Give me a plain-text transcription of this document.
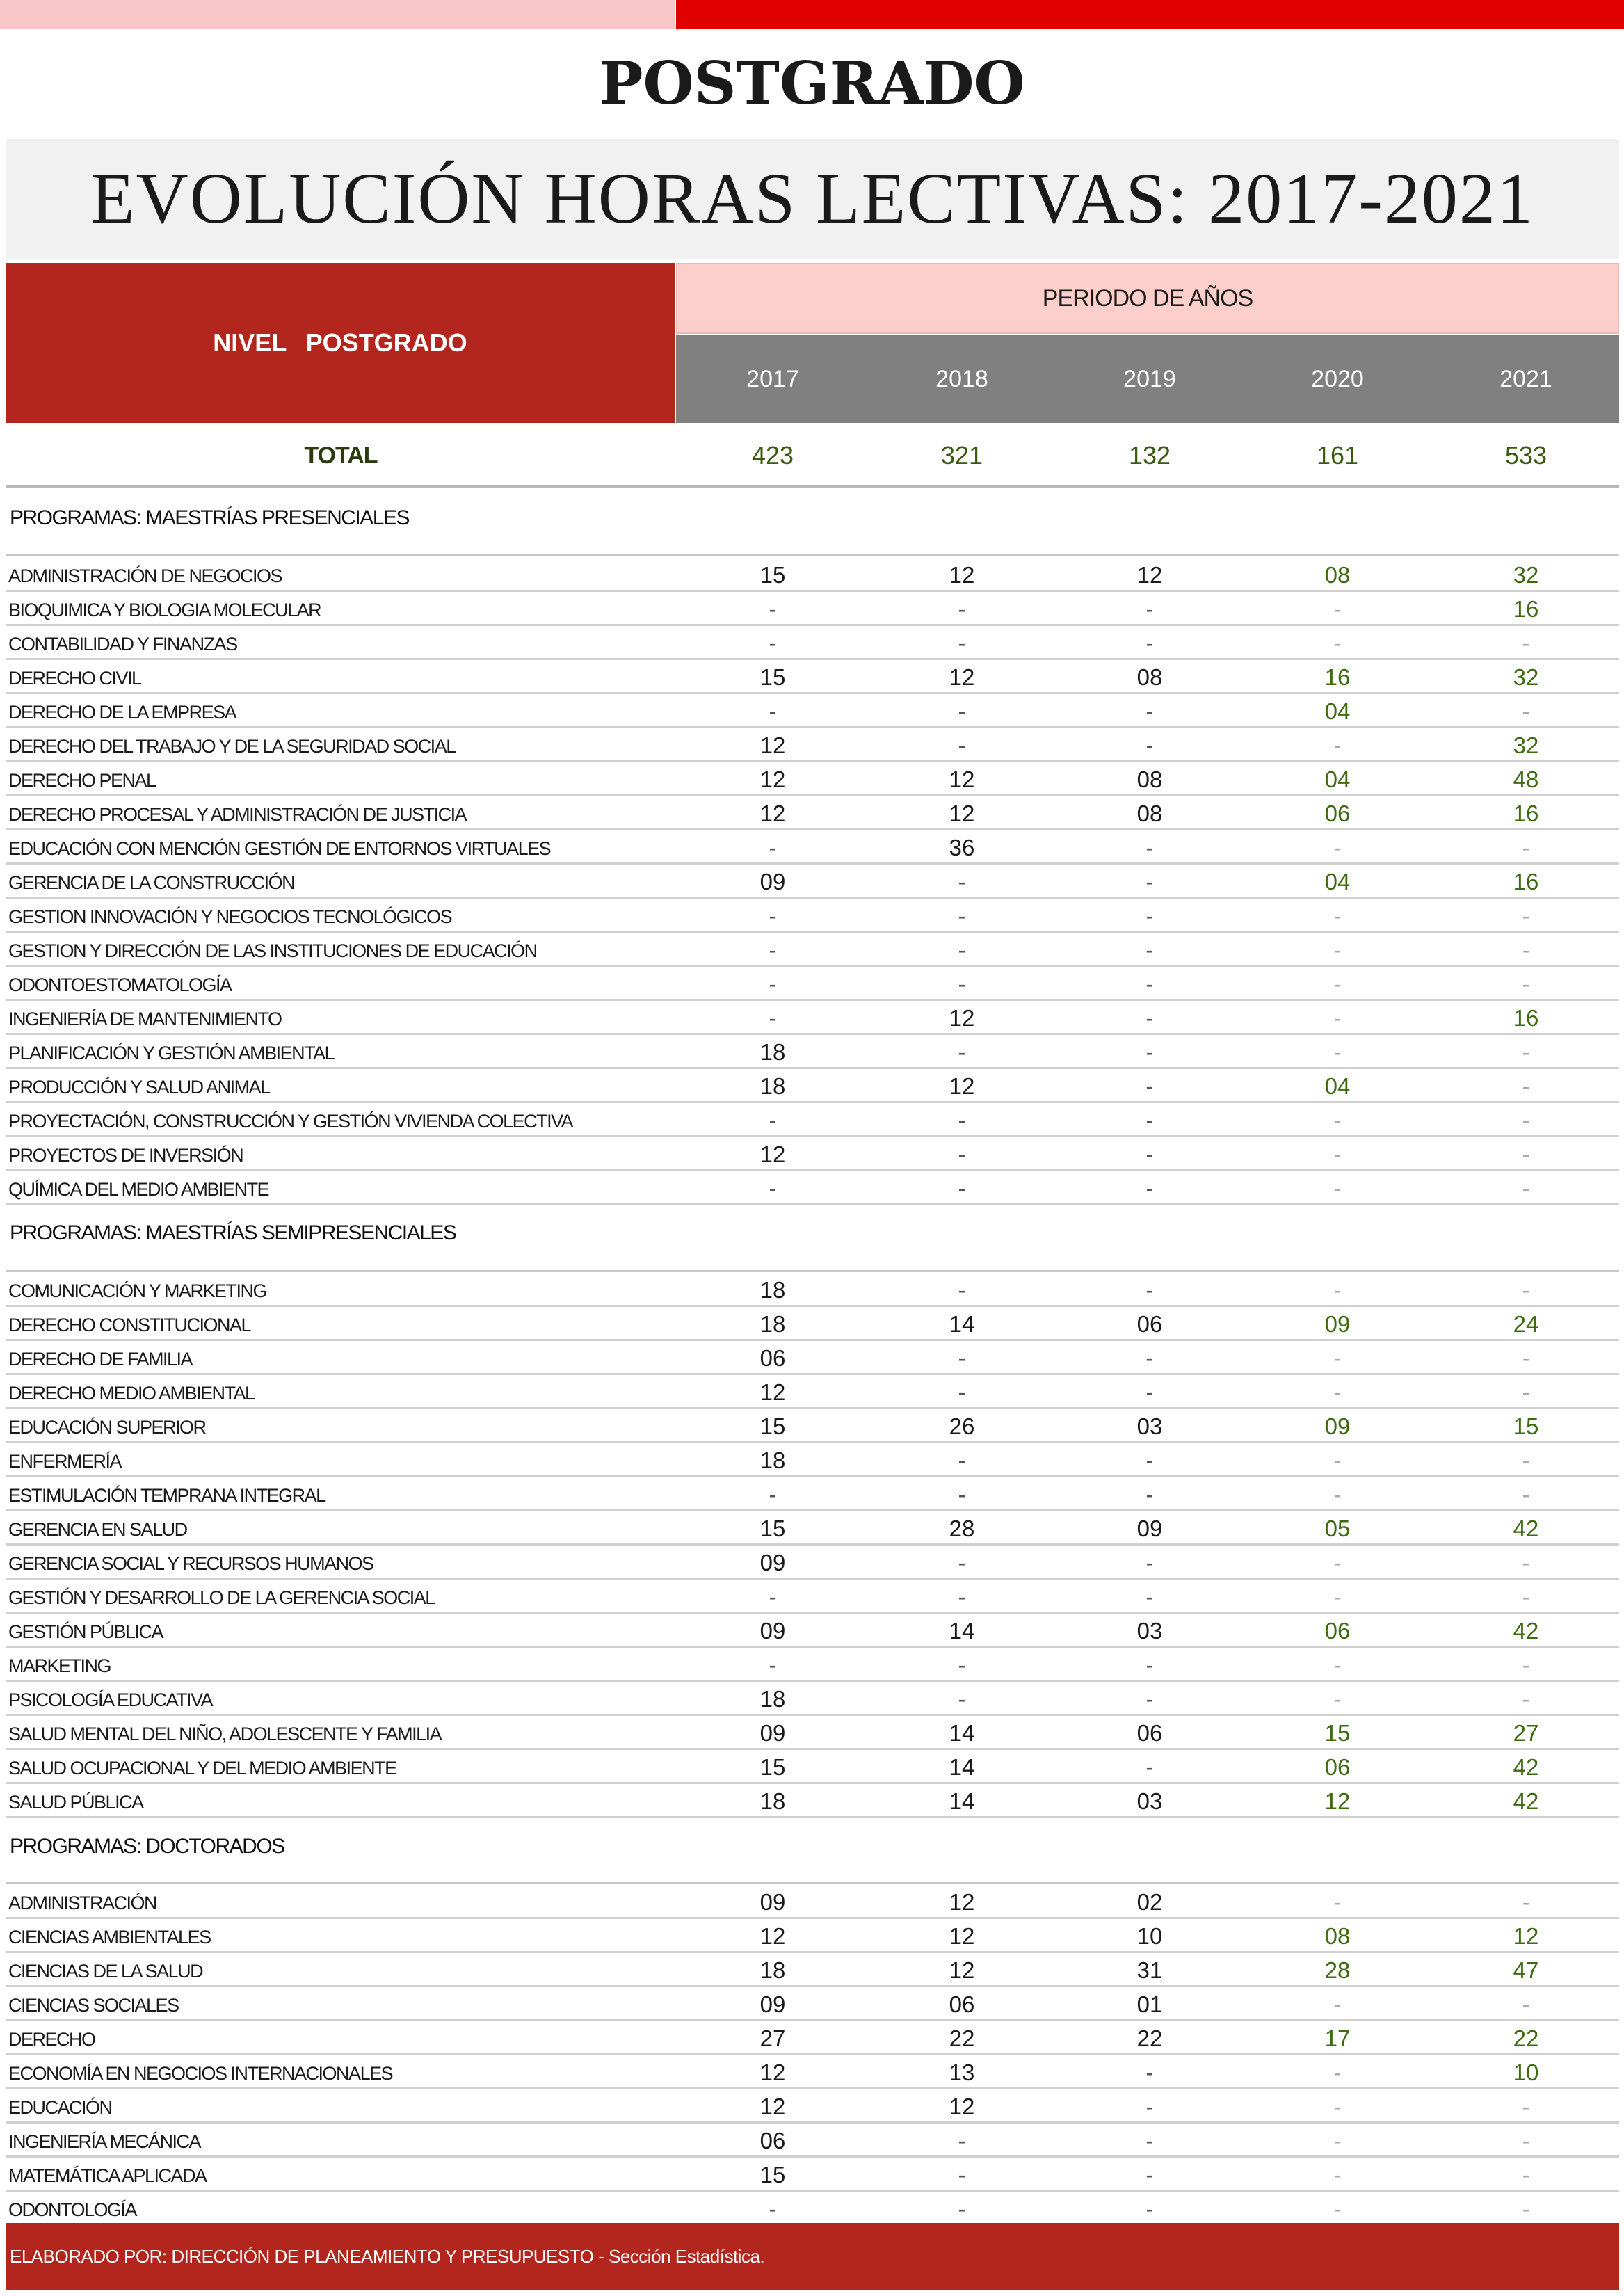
POSTGRADO
EVOLUCIÓN HORAS LECTIVAS: 2017-2021
NIVEL POSTGRADO
PERIODO DE AÑOS
2017	2018	2019	2020	2021
TOTAL	423	321	132	161	533
PROGRAMAS: MAESTRÍAS PRESENCIALES
ADMINISTRACIÓN DE NEGOCIOS	15	12	12	08	32
BIOQUIMICA Y BIOLOGIA MOLECULAR	-	-	-	-	16
CONTABILIDAD Y FINANZAS	-	-	-	-	-
DERECHO CIVIL	15	12	08	16	32
DERECHO DE LA EMPRESA	-	-	-	04	-
DERECHO DEL TRABAJO Y DE LA SEGURIDAD SOCIAL	12	-	-	-	32
DERECHO PENAL	12	12	08	04	48
DERECHO PROCESAL Y ADMINISTRACIÓN DE JUSTICIA	12	12	08	06	16
EDUCACIÓN CON MENCIÓN GESTIÓN DE ENTORNOS VIRTUALES	-	36	-	-	-
GERENCIA DE LA CONSTRUCCIÓN	09	-	-	04	16
GESTION INNOVACIÓN Y NEGOCIOS TECNOLÓGICOS	-	-	-	-	-
GESTION Y DIRECCIÓN DE LAS INSTITUCIONES DE EDUCACIÓN	-	-	-	-	-
ODONTOESTOMATOLOGÍA	-	-	-	-	-
INGENIERÍA DE MANTENIMIENTO	-	12	-	-	16
PLANIFICACIÓN Y GESTIÓN AMBIENTAL	18	-	-	-	-
PRODUCCIÓN Y SALUD ANIMAL	18	12	-	04	-
PROYECTACIÓN, CONSTRUCCIÓN Y GESTIÓN VIVIENDA COLECTIVA	-	-	-	-	-
PROYECTOS DE INVERSIÓN	12	-	-	-	-
QUÍMICA DEL MEDIO AMBIENTE	-	-	-	-	-
PROGRAMAS: MAESTRÍAS SEMIPRESENCIALES
COMUNICACIÓN Y MARKETING	18	-	-	-	-
DERECHO CONSTITUCIONAL	18	14	06	09	24
DERECHO DE FAMILIA	06	-	-	-	-
DERECHO MEDIO AMBIENTAL	12	-	-	-	-
EDUCACIÓN SUPERIOR	15	26	03	09	15
ENFERMERÍA	18	-	-	-	-
ESTIMULACIÓN TEMPRANA INTEGRAL	-	-	-	-	-
GERENCIA EN SALUD	15	28	09	05	42
GERENCIA SOCIAL Y RECURSOS HUMANOS	09	-	-	-	-
GESTIÓN Y DESARROLLO DE LA GERENCIA SOCIAL	-	-	-	-	-
GESTIÓN PÚBLICA	09	14	03	06	42
MARKETING	-	-	-	-	-
PSICOLOGÍA EDUCATIVA	18	-	-	-	-
SALUD MENTAL DEL NIÑO, ADOLESCENTE Y FAMILIA	09	14	06	15	27
SALUD OCUPACIONAL Y DEL MEDIO AMBIENTE	15	14	-	06	42
SALUD PÚBLICA	18	14	03	12	42
PROGRAMAS: DOCTORADOS
ADMINISTRACIÓN	09	12	02	-	-
CIENCIAS AMBIENTALES	12	12	10	08	12
CIENCIAS DE LA SALUD	18	12	31	28	47
CIENCIAS SOCIALES	09	06	01	-	-
DERECHO	27	22	22	17	22
ECONOMÍA EN NEGOCIOS INTERNACIONALES	12	13	-	-	10
EDUCACIÓN	12	12	-	-	-
INGENIERÍA MECÁNICA	06	-	-	-	-
MATEMÁTICA APLICADA	15	-	-	-	-
ODONTOLOGÍA	-	-	-	-	-
ELABORADO POR: DIRECCIÓN DE PLANEAMIENTO Y PRESUPUESTO - Sección Estadística.
